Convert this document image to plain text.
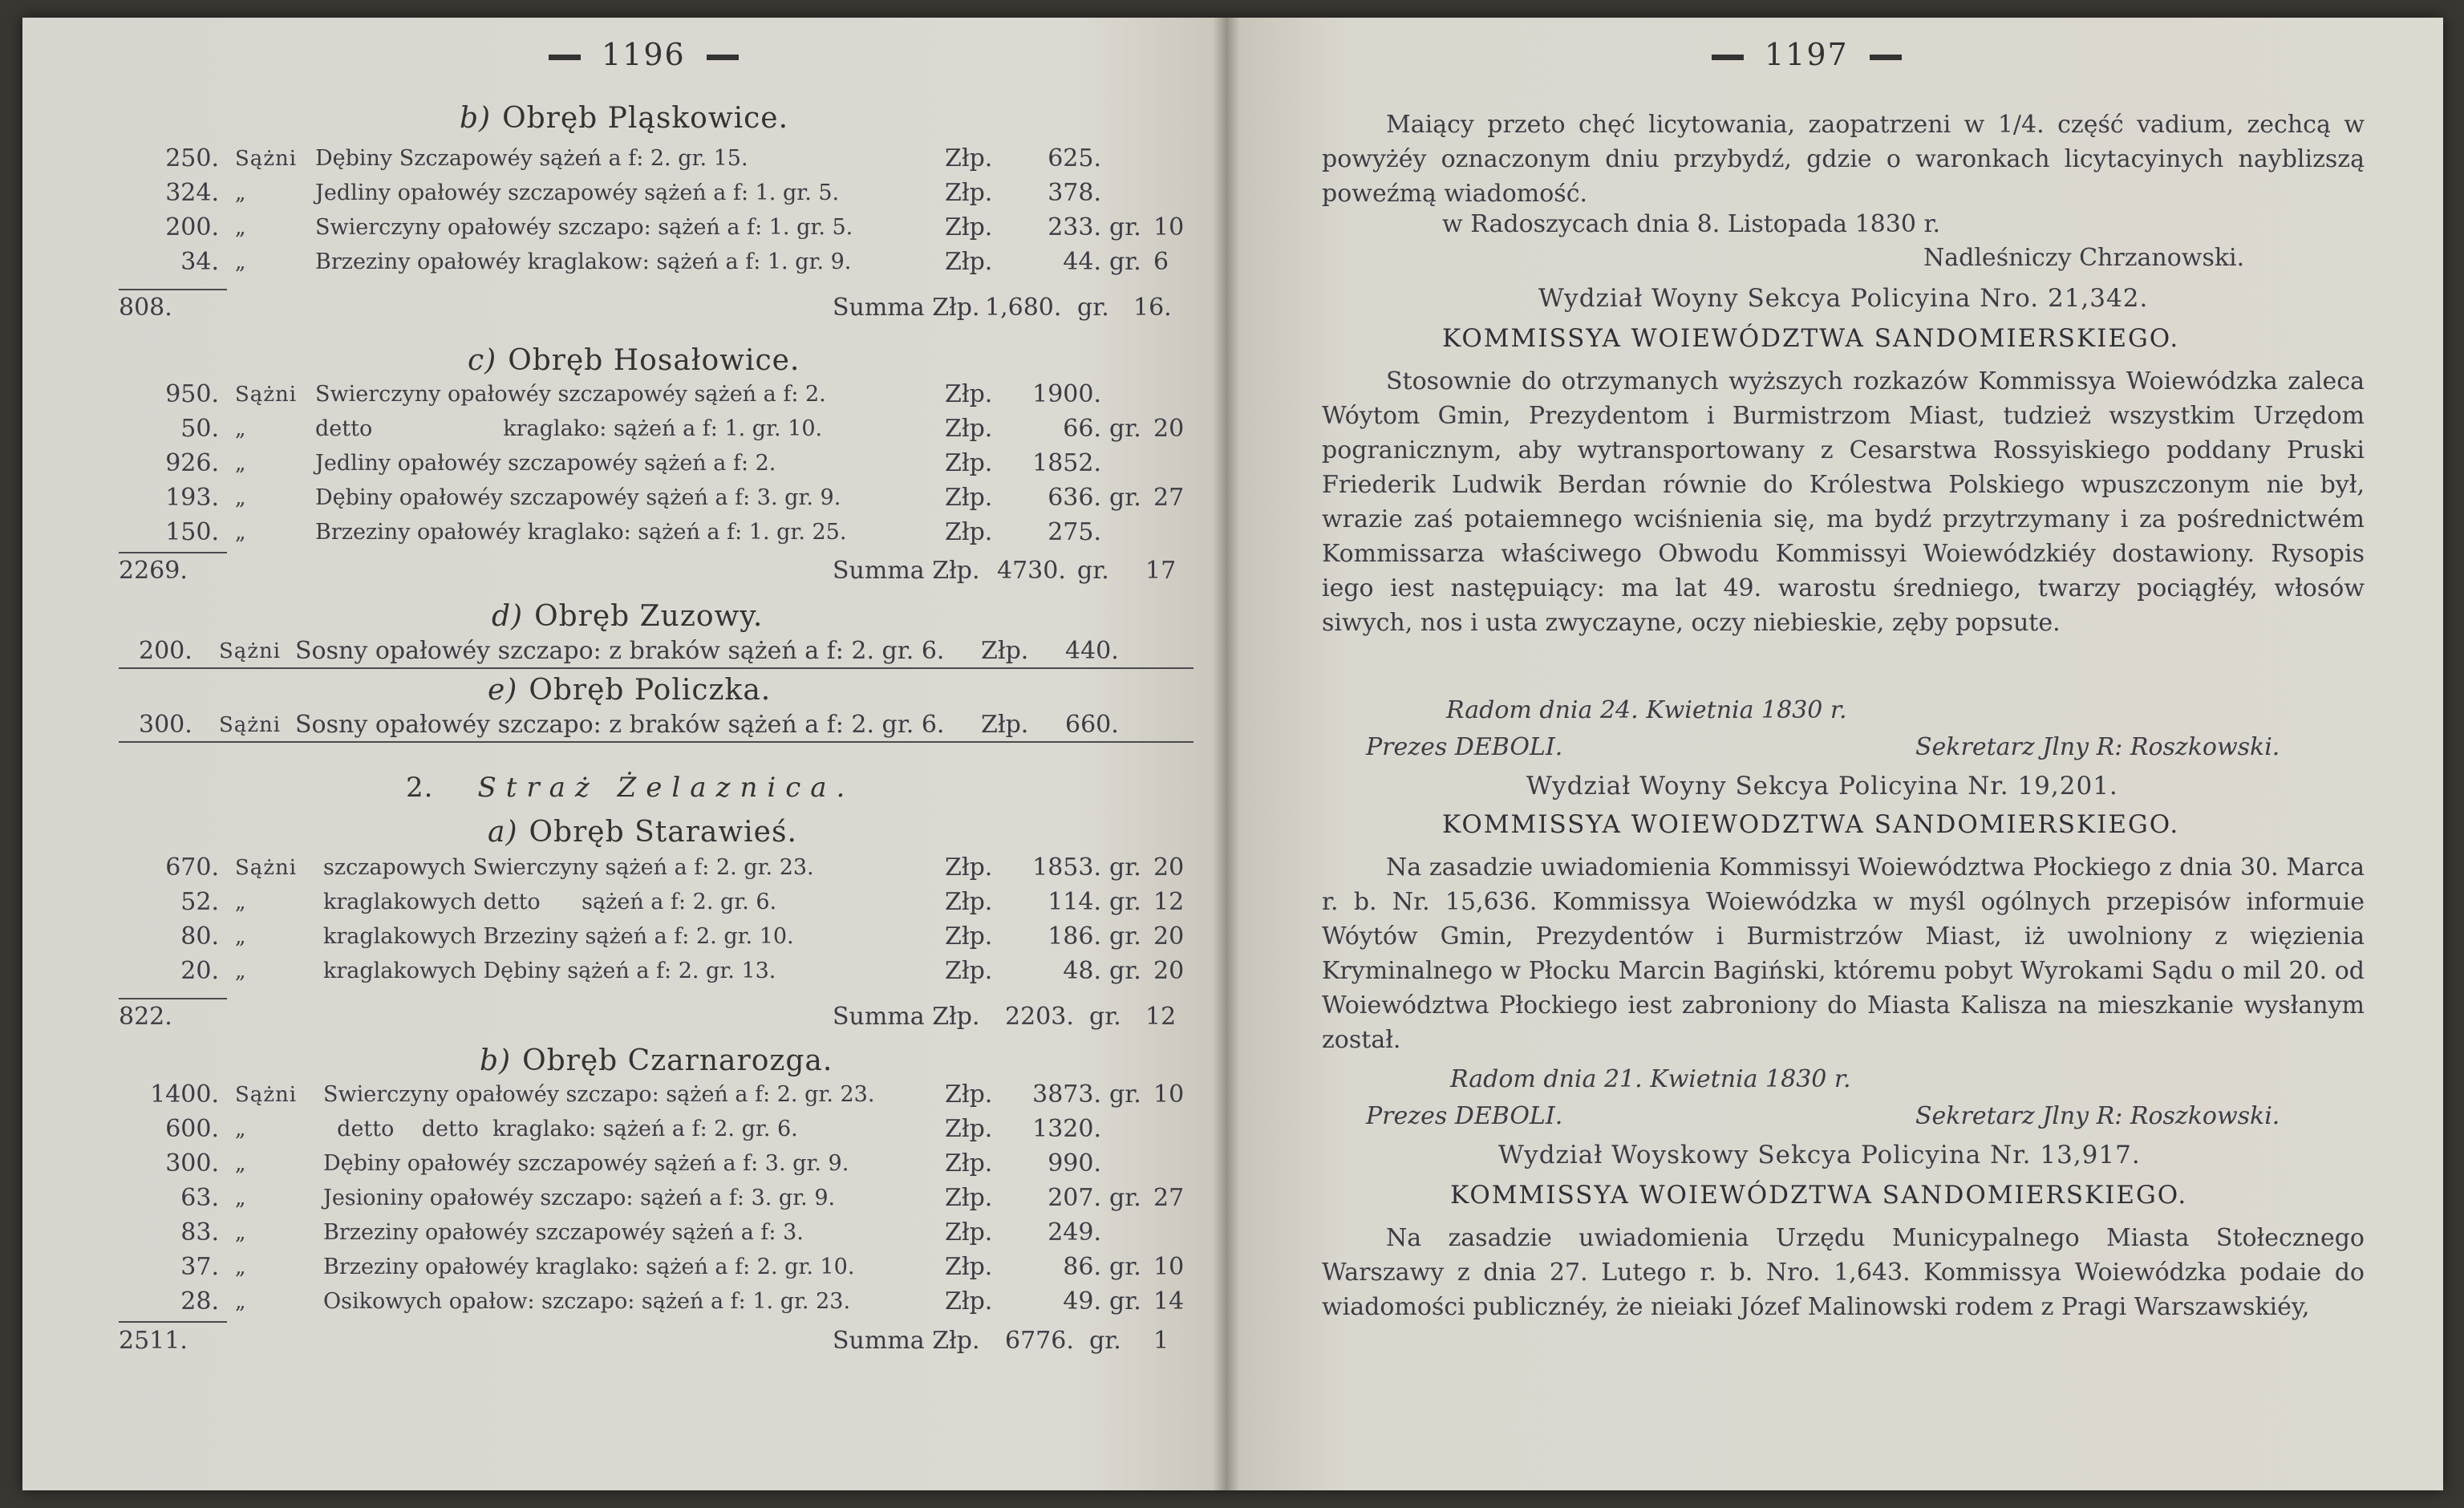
1196
b) Obręb Pląskowice.
250. Sążni Dębiny Szczapowéy sążeń a f: 2. gr. 15.	Złp.	625.
324. „	Jedliny opałowéy szczapowéy sążeń a f: 1. gr. 5.	Złp.	378.
200. „	Swierczyny opałowéy szczapo: sążeń a f: 1. gr. 5.	Złp.	233. gr. 10
34. „	Brzeziny opałowéy kraglakow: sążeń a f: 1. gr. 9.	Złp.	44. gr. 6
808.	Summa Złp. 1,680. gr. 16.
c) Obręb Hosałowice.
950. Sążni Swierczyny opałowéy szczapowéy sążeń a f: 2.	Złp.	1900.
50. „	detto                   kraglako: sążeń a f: 1. gr. 10.	Złp.	66. gr. 20
926. „	Jedliny opałowéy szczapowéy sążeń a f: 2.	Złp.	1852.
193. „	Dębiny opałowéy szczapowéy sążeń a f: 3. gr. 9.	Złp.	636. gr. 27
150. „	Brzeziny opałowéy kraglako: sążeń a f: 1. gr. 25.	Złp.	275.
2269.	Summa Złp. 4730. gr. 17
d) Obręb Zuzowy.
200. Sążni Sosny opałowéy szczapo: z braków sążeń a f: 2. gr. 6. Złp. 440.
e) Obręb Policzka.
300. Sążni Sosny opałowéy szczapo: z braków sążeń a f: 2. gr. 6. Złp. 660.
2. Straż Żelaznica.
a) Obręb Starawieś.
670. Sążni szczapowych Swierczyny sążeń a f: 2. gr. 23.	Złp.	1853. gr. 20
52. „	kraglakowych detto      sążeń a f: 2. gr. 6.	Złp.	114. gr. 12
80. „	kraglakowych Brzeziny sążeń a f: 2. gr. 10.	Złp.	186. gr. 20
20. „	kraglakowych Dębiny sążeń a f: 2. gr. 13.	Złp.	48. gr. 20
822.	Summa Złp. 2203. gr. 12
b) Obręb Czarnarozga.
1400. Sążni Swierczyny opałowéy szczapo: sążeń a f: 2. gr. 23.	Złp.	3873. gr. 10
600. „	detto    detto  kraglako: sążeń a f: 2. gr. 6.	Złp.	1320.
300. „	Dębiny opałowéy szczapowéy sążeń a f: 3. gr. 9.	Złp.	990.
63. „	Jesioniny opałowéy szczapo: sążeń a f: 3. gr. 9.	Złp.	207. gr. 27
83. „	Brzeziny opałowéy szczapowéy sążeń a f: 3.	Złp.	249.
37. „	Brzeziny opałowéy kraglako: sążeń a f: 2. gr. 10.	Złp.	86. gr. 10
28. „	Osikowych opałow: szczapo: sążeń a f: 1. gr. 23.	Złp.	49. gr. 14
2511.	Summa Złp. 6776. gr. 1
1197
Maiący przeto chęć licytowania, zaopatrzeni w 1/4. część vadium, zechcą w powyżéy oznaczonym dniu przybydź, gdzie o waronkach licytacyinych nayblizszą poweźmą wiadomość.
w Radoszycach dnia 8. Listopada 1830 r.
Nadleśniczy Chrzanowski.
Wydział Woyny Sekcya Policyina Nro. 21,342.
KOMMISSYA WOIEWÓDZTWA SANDOMIERSKIEGO.
Stosownie do otrzymanych wyższych rozkazów Kommissya Woiewódzka zaleca Wóytom Gmin, Prezydentom i Burmistrzom Miast, tudzież wszystkim Urzędom pogranicznym, aby wytransportowany z Cesarstwa Rossyiskiego poddany Pruski Friederik Ludwik Berdan równie do Królestwa Polskiego wpuszczonym nie był, wrazie zaś potaiemnego wciśnienia się, ma bydź przytrzymany i za pośrednictwém Kommissarza właściwego Obwodu Kommissyi Woiewódzkiéy dostawiony. Rysopis iego iest następuiący: ma lat 49. warostu średniego, twarzy pociągłéy, włosów siwych, nos i usta zwyczayne, oczy niebieskie, zęby popsute.
Radom dnia 24. Kwietnia 1830 r.
Prezes DEBOLI.	Sekretarz Jlny R: Roszkowski.
Wydział Woyny Sekcya Policyina Nr. 19,201.
KOMMISSYA WOIEWODZTWA SANDOMIERSKIEGO.
Na zasadzie uwiadomienia Kommissyi Woiewództwa Płockiego z dnia 30. Marca r. b. Nr. 15,636. Kommissya Woiewódzka w myśl ogólnych przepisów informuie Wóytów Gmin, Prezydentów i Burmistrzów Miast, iż uwolniony z więzienia Kryminalnego w Płocku Marcin Bagiński, któremu pobyt Wyrokami Sądu o mil 20. od Woiewództwa Płockiego iest zabroniony do Miasta Kalisza na mieszkanie wysłanym został.
Radom dnia 21. Kwietnia 1830 r.
Prezes DEBOLI.	Sekretarz Jlny R: Roszkowski.
Wydział Woyskowy Sekcya Policyina Nr. 13,917.
KOMMISSYA WOIEWÓDZTWA SANDOMIERSKIEGO.
Na zasadzie uwiadomienia Urzędu Municypalnego Miasta Stołecznego Warszawy z dnia 27. Lutego r. b. Nro. 1,643. Kommissya Woiewódzka podaie do wiadomości publicznéy, że nieiaki Józef Malinowski rodem z Pragi Warszawskiéy,
